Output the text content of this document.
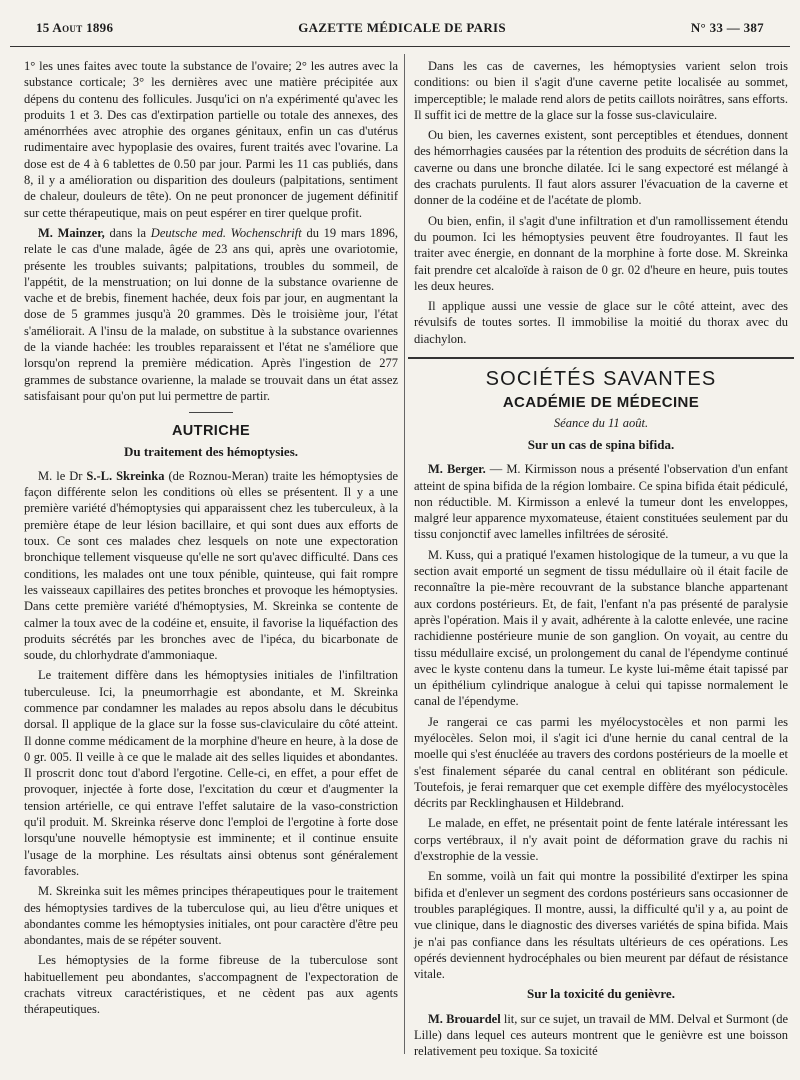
15 Aout 1896	GAZETTE MÉDICALE DE PARIS	N° 33 — 387

1° les unes faites avec toute la substance de l'ovaire; 2° les autres avec la substance corticale; 3° les dernières avec une matière précipitée aux dépens du contenu des follicules. Jusqu'ici on n'a expérimenté qu'avec les produits 1 et 3. Des cas d'extirpation partielle ou totale des annexes, des aménorrhées avec atrophie des organes génitaux, enfin un cas d'utérus rudimentaire avec hypoplasie des ovaires, furent traités avec l'ovarine. La dose est de 4 à 6 tablettes de 0.50 par jour. Parmi les 11 cas publiés, dans 8, il y a amélioration ou disparition des douleurs (palpitations, sentiment de chaleur, douleurs de tête). On ne peut prononcer de jugement définitif sur cette thérapeutique, mais on peut espérer en tirer quelque profit.

M. Mainzer, dans la Deutsche med. Wochenschrift du 19 mars 1896, relate le cas d'une malade, âgée de 23 ans qui, après une ovariotomie, présente les troubles suivants; palpitations, troubles du sommeil, de l'appétit, de la menstruation; on lui donne de la substance ovarienne de vache et de brebis, finement hachée, deux fois par jour, en augmentant la dose de 5 grammes jusqu'à 20 grammes. Dès le troisième jour, l'état s'améliorait. A l'insu de la malade, on substitue à la substance ovariennes de la viande hachée: les troubles reparaissent et l'état ne s'améliore que lorsqu'on reprend la première médication. Après l'ingestion de 277 grammes de substance ovarienne, la malade se trouvait dans un état assez satisfaisant pour qu'on put lui permettre de partir.

AUTRICHE
Du traitement des hémoptysies.

M. le Dr S.-L. Skreinka (de Roznou-Meran) traite les hémoptysies de façon différente selon les conditions où elles se présentent. Il y a une première variété d'hémoptysies qui apparaissent chez les tuberculeux, à la première étape de leur lésion bacillaire, et qui sont dues aux efforts de toux. Ce sont ces malades chez lesquels on note une expectoration bronchique tellement visqueuse qu'elle ne sort qu'avec difficulté. Dans ces conditions, les malades ont une toux pénible, quinteuse, qui fait rompre les vaisseaux capillaires des petites bronches et provoque les hémoptysies. Dans cette première variété d'hémoptysies, M. Skreinka se contente de calmer la toux avec de la codéine et, ensuite, il favorise la liquéfaction des produits sécrétés par les bronches avec de l'ipéca, du bicarbonate de soude, du chlorhydrate d'ammoniaque.

Le traitement diffère dans les hémoptysies initiales de l'infiltration tuberculeuse. Ici, la pneumorrhagie est abondante, et M. Skreinka commence par condamner les malades au repos absolu dans le décubitus dorsal. Il applique de la glace sur la fosse sus-claviculaire du côté atteint. Il donne comme médicament de la morphine d'heure en heure, à la dose de 0 gr. 005. Il veille à ce que le malade ait des selles liquides et abondantes. Il proscrit donc tout d'abord l'ergotine. Celle-ci, en effet, a pour effet de provoquer, injectée à forte dose, l'excitation du cœur et d'augmenter la tension artérielle, ce qui entrave l'effet salutaire de la vaso-constriction qu'il produit. M. Skreinka réserve donc l'emploi de l'ergotine à forte dose lorsqu'une nouvelle hémoptysie est imminente; et il continue ensuite l'usage de la morphine. Les résultats ainsi obtenus sont généralement favorables.

M. Skreinka suit les mêmes principes thérapeutiques pour le traitement des hémoptysies tardives de la tuberculose qui, au lieu d'être uniques et abondantes comme les hémoptysies initiales, ont pour caractère d'être peu abondantes, mais de se répéter souvent.

Les hémoptysies de la forme fibreuse de la tuberculose sont habituellement peu abondantes, s'accompagnent de l'expectoration de crachats vitreux caractéristiques, et ne cèdent pas aux agents thérapeutiques.

Dans les cas de cavernes, les hémoptysies varient selon trois conditions: ou bien il s'agit d'une caverne petite localisée au sommet, imperceptible; le malade rend alors de petits caillots noirâtres, sans efforts. Il suffit ici de mettre de la glace sur la fosse sus-claviculaire.

Ou bien, les cavernes existent, sont perceptibles et étendues, donnent des hémorrhagies causées par la rétention des produits de sécrétion dans la caverne ou dans une bronche dilatée. Ici le sang expectoré est mélangé à des crachats purulents. Il faut alors assurer l'évacuation de la caverne et donner de la codéine et de l'acétate de plomb.

Ou bien, enfin, il s'agit d'une infiltration et d'un ramollissement étendu du poumon. Ici les hémoptysies peuvent être foudroyantes. Il faut les traiter avec énergie, en donnant de la morphine à forte dose. M. Skreinka fait prendre cet alcaloïde à raison de 0 gr. 02 d'heure en heure, puis toutes les deux heures.

Il applique aussi une vessie de glace sur le côté atteint, avec des révulsifs de toutes sortes. Il immobilise la moitié du thorax avec du diachylon.

SOCIÉTÉS SAVANTES
ACADÉMIE DE MÉDECINE
Séance du 11 août.
Sur un cas de spina bifida.

M. Berger. — M. Kirmisson nous a présenté l'observation d'un enfant atteint de spina bifida de la région lombaire. Ce spina bifida était pédiculé, non réductible. M. Kirmisson a enlevé la tumeur dont les enveloppes, malgré leur apparence myxomateuse, étaient constituées seulement par du tissu conjonctif avec lamelles infiltrées de sérosité.

M. Kuss, qui a pratiqué l'examen histologique de la tumeur, a vu que la section avait emporté un segment de tissu médullaire où il était facile de reconnaître la pie-mère recouvrant de la substance blanche appartenant aux cordons postérieurs. Et, de fait, l'enfant n'a pas présenté de paralysie après l'opération. Mais il y avait, adhérente à la calotte enlevée, une racine rachidienne postérieure munie de son ganglion. On voyait, au centre du tissu médullaire excisé, un prolongement du canal de l'épendyme continué avec le kyste contenu dans la tumeur. Le kyste lui-même était tapissé par un épithélium cylindrique analogue à celui qui tapisse normalement le canal de l'épendyme.

Je rangerai ce cas parmi les myélocystocèles et non parmi les myélocèles. Selon moi, il s'agit ici d'une hernie du canal central de la moelle qui s'est énucléée au travers des cordons postérieurs de la moelle et s'est finalement séparée du canal central en oblitérant son pédicule. Toutefois, je ferai remarquer que cet exemple diffère des myélocystocèles décrits par Recklinghausen et Hildebrand.

Le malade, en effet, ne présentait point de fente latérale intéressant les corps vertébraux, il n'y avait point de déformation grave du rachis ni d'exstrophie de la vessie.

En somme, voilà un fait qui montre la possibilité d'extirper les spina bifida et d'enlever un segment des cordons postérieurs sans occasionner de troubles paraplégiques. Il montre, aussi, la difficulté qu'il y a, au point de vue clinique, dans le diagnostic des diverses variétés de spina bifida. Mais je n'ai pas confiance dans les résultats ultérieurs de ces opérations. Les opérés deviennent hydrocéphales ou bien meurent par défaut de résistance vitale.

Sur la toxicité du genièvre.

M. Brouardel lit, sur ce sujet, un travail de MM. Delval et Surmont (de Lille) dans lequel ces auteurs montrent que le genièvre est une boisson relativement peu toxique. Sa toxicité
